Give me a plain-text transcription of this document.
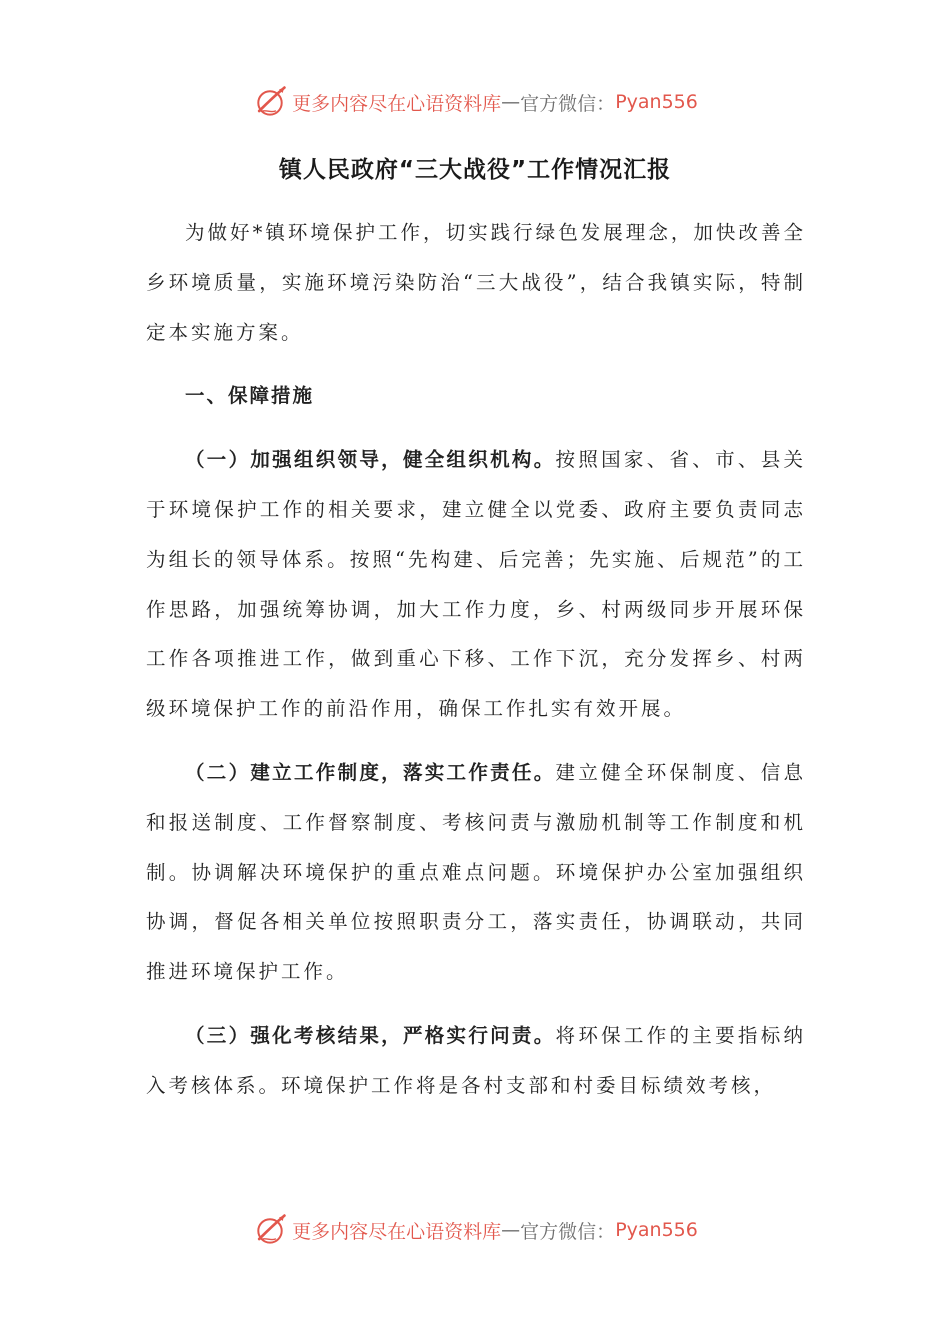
更多内容尽在心语资料库 — 官方微信： Pyan556
镇人民政府“三大战役”工作情况汇报

为做好*镇环境保护工作，切实践行绿色发展理念，加快改善全乡环境质量，实施环境污染防治“三大战役”，结合我镇实际，特制定本实施方案。

一、保障措施

（一）加强组织领导，健全组织机构。按照国家、省、市、县关于环境保护工作的相关要求，建立健全以党委、政府主要负责同志为组长的领导体系。按照“先构建、后完善；先实施、后规范”的工作思路，加强统筹协调，加大工作力度，乡、村两级同步开展环保工作各项推进工作，做到重心下移、工作下沉，充分发挥乡、村两级环境保护工作的前沿作用，确保工作扎实有效开展。

（二）建立工作制度，落实工作责任。建立健全环保制度、信息和报送制度、工作督察制度、考核问责与激励机制等工作制度和机制。协调解决环境保护的重点难点问题。环境保护办公室加强组织协调，督促各相关单位按照职责分工，落实责任，协调联动，共同推进环境保护工作。

（三）强化考核结果，严格实行问责。将环保工作的主要指标纳入考核体系。环境保护工作将是各村支部和村委目标绩效考核，

更多内容尽在心语资料库 — 官方微信： Pyan556
